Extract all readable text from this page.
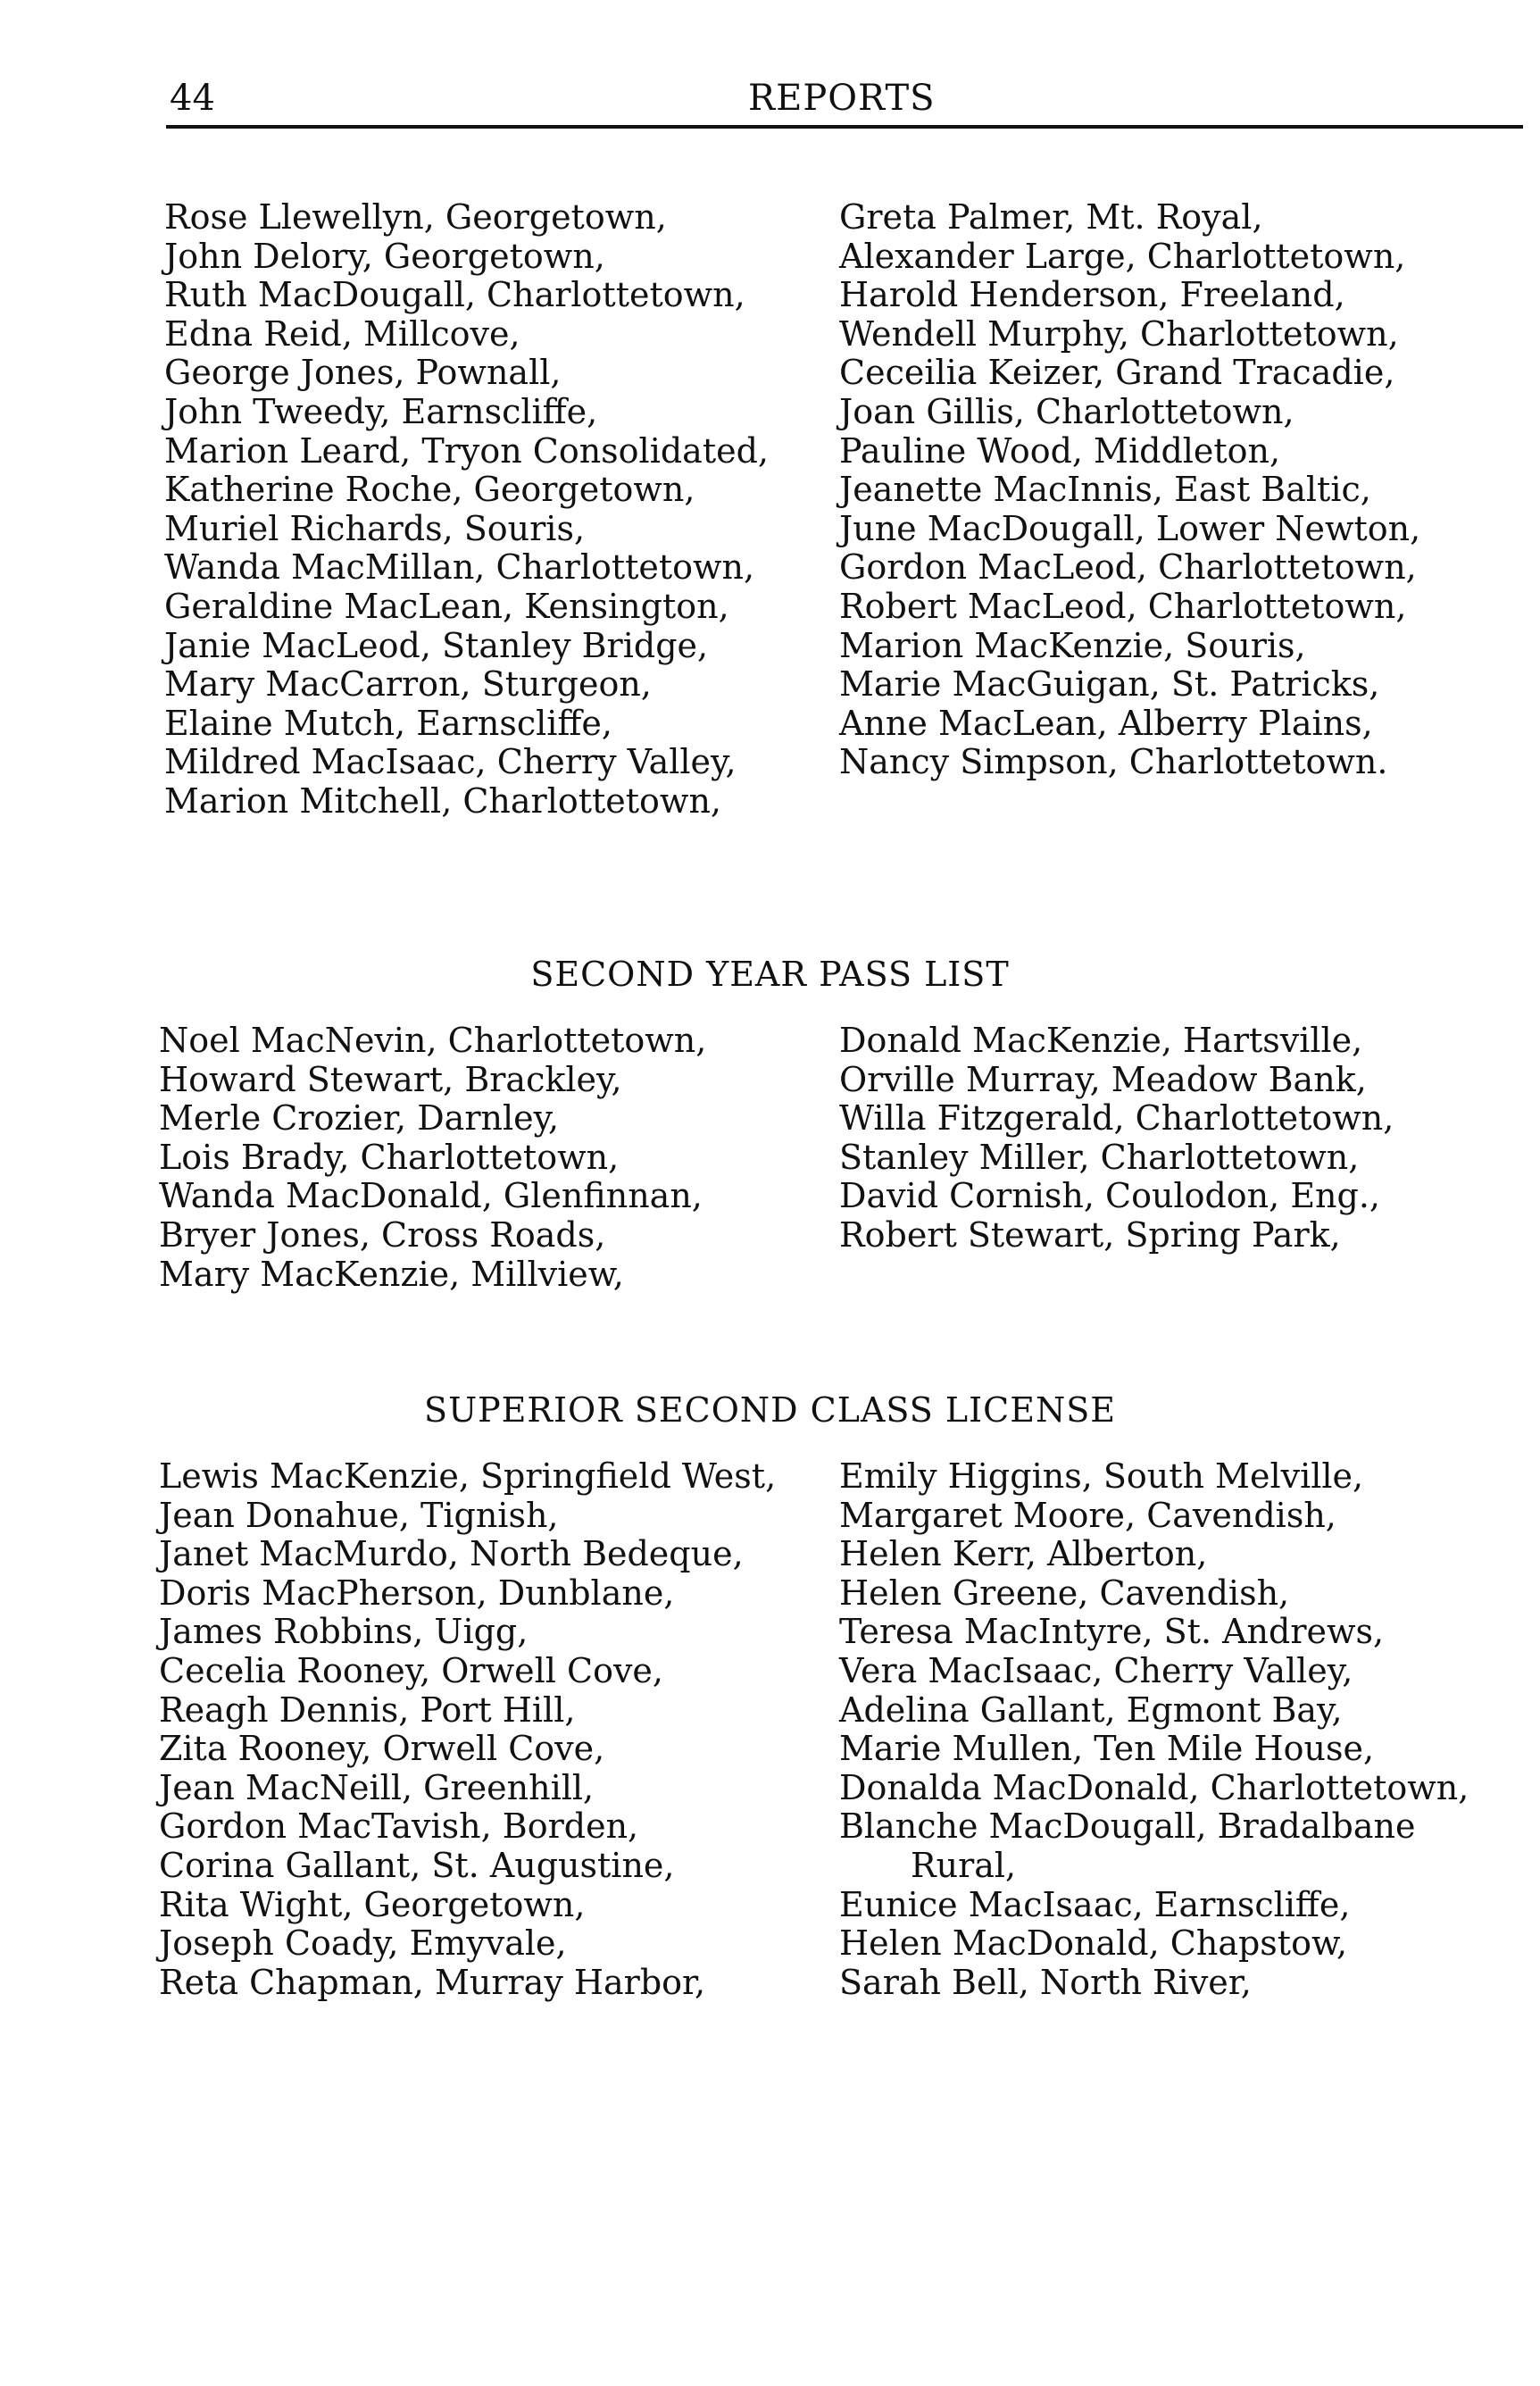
44	REPORTS
Rose Llewellyn, Georgetown,
John Delory, Georgetown,
Ruth MacDougall, Charlottetown,
Edna Reid, Millcove,
George Jones, Pownall,
John Tweedy, Earnscliffe,
Marion Leard, Tryon Consolidated,
Katherine Roche, Georgetown,
Muriel Richards, Souris,
Wanda MacMillan, Charlottetown,
Geraldine MacLean, Kensington,
Janie MacLeod, Stanley Bridge,
Mary MacCarron, Sturgeon,
Elaine Mutch, Earnscliffe,
Mildred MacIsaac, Cherry Valley,
Marion Mitchell, Charlottetown,
Greta Palmer, Mt. Royal,
Alexander Large, Charlottetown,
Harold Henderson, Freeland,
Wendell Murphy, Charlottetown,
Ceceilia Keizer, Grand Tracadie,
Joan Gillis, Charlottetown,
Pauline Wood, Middleton,
Jeanette MacInnis, East Baltic,
June MacDougall, Lower Newton,
Gordon MacLeod, Charlottetown,
Robert MacLeod, Charlottetown,
Marion MacKenzie, Souris,
Marie MacGuigan, St. Patricks,
Anne MacLean, Alberry Plains,
Nancy Simpson, Charlottetown.
SECOND YEAR PASS LIST
Noel MacNevin, Charlottetown,
Howard Stewart, Brackley,
Merle Crozier, Darnley,
Lois Brady, Charlottetown,
Wanda MacDonald, Glenfinnan,
Bryer Jones, Cross Roads,
Mary MacKenzie, Millview,
Donald MacKenzie, Hartsville,
Orville Murray, Meadow Bank,
Willa Fitzgerald, Charlottetown,
Stanley Miller, Charlottetown,
David Cornish, Coulodon, Eng.,
Robert Stewart, Spring Park,
SUPERIOR SECOND CLASS LICENSE
Lewis MacKenzie, Springfield West,
Jean Donahue, Tignish,
Janet MacMurdo, North Bedeque,
Doris MacPherson, Dunblane,
James Robbins, Uigg,
Cecelia Rooney, Orwell Cove,
Reagh Dennis, Port Hill,
Zita Rooney, Orwell Cove,
Jean MacNeill, Greenhill,
Gordon MacTavish, Borden,
Corina Gallant, St. Augustine,
Rita Wight, Georgetown,
Joseph Coady, Emyvale,
Reta Chapman, Murray Harbor,
Emily Higgins, South Melville,
Margaret Moore, Cavendish,
Helen Kerr, Alberton,
Helen Greene, Cavendish,
Teresa MacIntyre, St. Andrews,
Vera MacIsaac, Cherry Valley,
Adelina Gallant, Egmont Bay,
Marie Mullen, Ten Mile House,
Donalda MacDonald, Charlottetown,
Blanche MacDougall, Bradalbane
Rural,
Eunice MacIsaac, Earnscliffe,
Helen MacDonald, Chapstow,
Sarah Bell, North River,
